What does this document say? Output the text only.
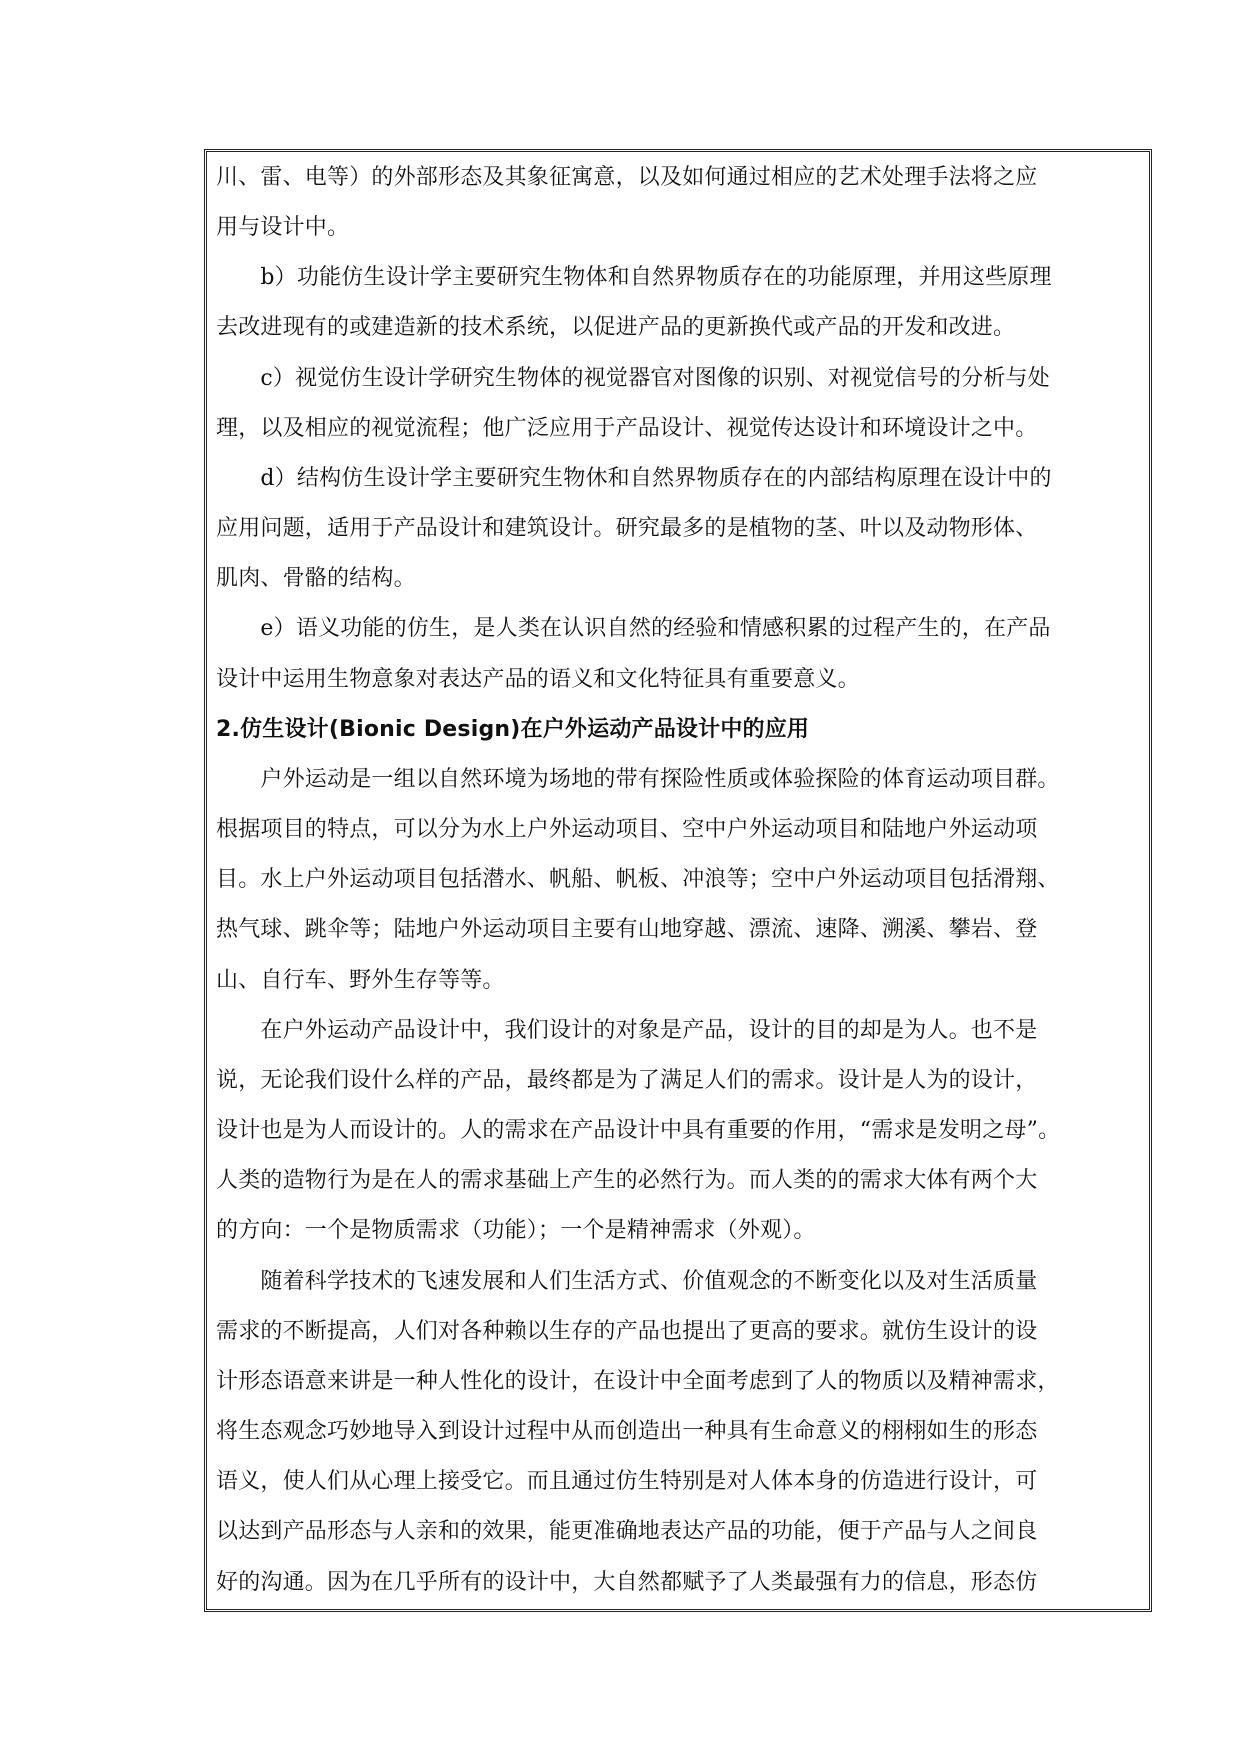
川、雷、电等）的外部形态及其象征寓意，以及如何通过相应的艺术处理手法将之应
用与设计中。
　　b）功能仿生设计学主要研究生物体和自然界物质存在的功能原理，并用这些原理
去改进现有的或建造新的技术系统，以促进产品的更新换代或产品的开发和改进。
　　c）视觉仿生设计学研究生物体的视觉器官对图像的识别、对视觉信号的分析与处
理，以及相应的视觉流程；他广泛应用于产品设计、视觉传达设计和环境设计之中。
　　d）结构仿生设计学主要研究生物休和自然界物质存在的内部结构原理在设计中的
应用问题，适用于产品设计和建筑设计。研究最多的是植物的茎、叶以及动物形体、
肌肉、骨骼的结构。
　　e）语义功能的仿生，是人类在认识自然的经验和情感积累的过程产生的，在产品
设计中运用生物意象对表达产品的语义和文化特征具有重要意义。
2.仿生设计(Bionic Design)在户外运动产品设计中的应用
　　户外运动是一组以自然环境为场地的带有探险性质或体验探险的体育运动项目群。
根据项目的特点，可以分为水上户外运动项目、空中户外运动项目和陆地户外运动项
目。水上户外运动项目包括潜水、帆船、帆板、冲浪等；空中户外运动项目包括滑翔、
热气球、跳伞等；陆地户外运动项目主要有山地穿越、漂流、速降、溯溪、攀岩、登
山、自行车、野外生存等等。
　　在户外运动产品设计中，我们设计的对象是产品，设计的目的却是为人。也不是
说，无论我们设什么样的产品，最终都是为了满足人们的需求。设计是人为的设计，
设计也是为人而设计的。人的需求在产品设计中具有重要的作用，“需求是发明之母”。
人类的造物行为是在人的需求基础上产生的必然行为。而人类的的需求大体有两个大
的方向：一个是物质需求（功能）；一个是精神需求（外观）。
　　随着科学技术的飞速发展和人们生活方式、价值观念的不断变化以及对生活质量
需求的不断提高，人们对各种赖以生存的产品也提出了更高的要求。就仿生设计的设
计形态语意来讲是一种人性化的设计，在设计中全面考虑到了人的物质以及精神需求，
将生态观念巧妙地导入到设计过程中从而创造出一种具有生命意义的栩栩如生的形态
语义，使人们从心理上接受它。而且通过仿生特别是对人体本身的仿造进行设计，可
以达到产品形态与人亲和的效果，能更准确地表达产品的功能，便于产品与人之间良
好的沟通。因为在几乎所有的设计中，大自然都赋予了人类最强有力的信息，形态仿
